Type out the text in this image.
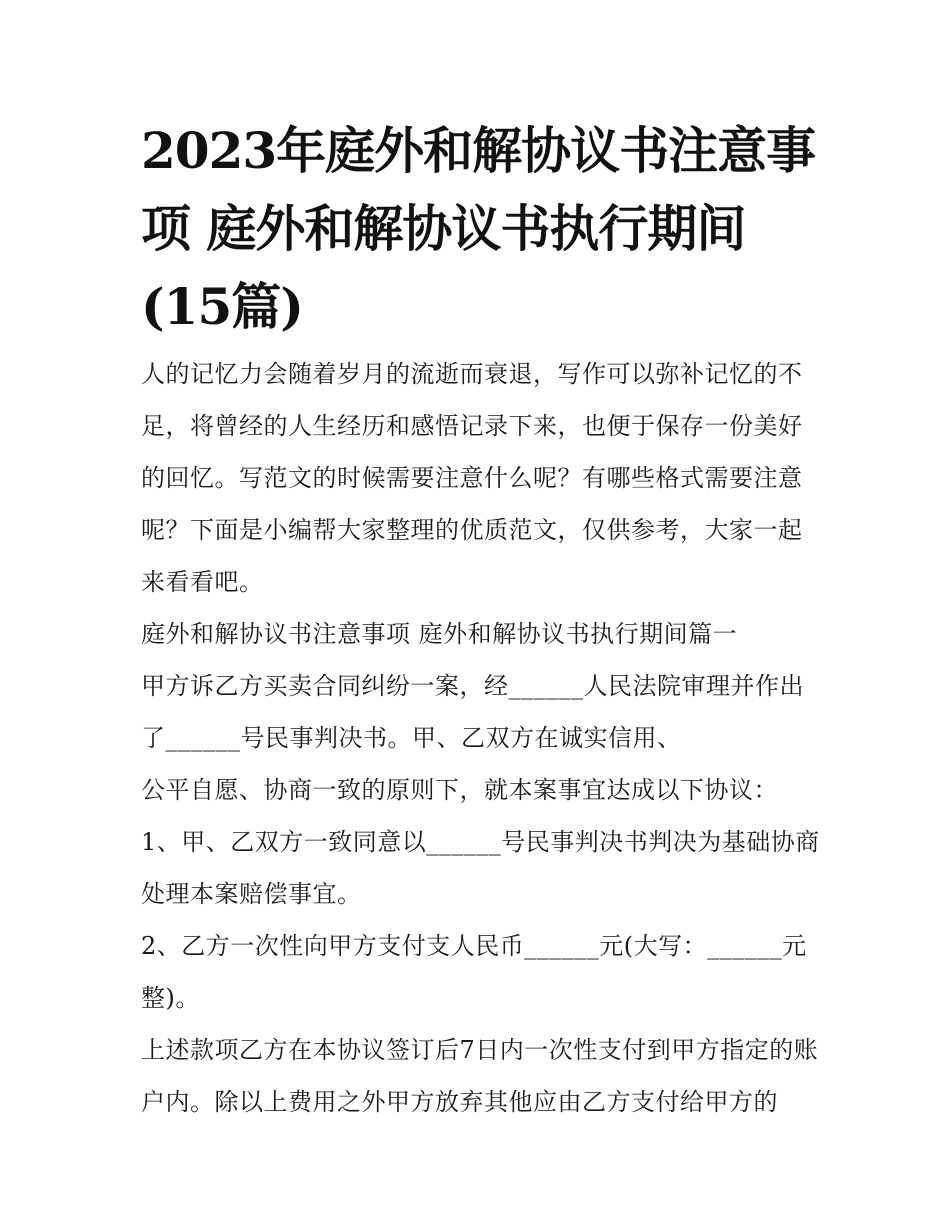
2023年庭外和解协议书注意事
项 庭外和解协议书执行期间
(15篇)

人的记忆力会随着岁月的流逝而衰退，写作可以弥补记忆的不足，将曾经的人生经历和感悟记录下来，也便于保存一份美好的回忆。写范文的时候需要注意什么呢？有哪些格式需要注意呢？下面是小编帮大家整理的优质范文，仅供参考，大家一起来看看吧。

庭外和解协议书注意事项 庭外和解协议书执行期间篇一

甲方诉乙方买卖合同纠纷一案，经______人民法院审理并作出

了______号民事判决书。甲、乙双方在诚实信用、

公平自愿、协商一致的原则下，就本案事宜达成以下协议：

1、甲、乙双方一致同意以______号民事判决书判决为基础协商处理本案赔偿事宜。

2、乙方一次性向甲方支付支人民币______元(大写：______元整)。

上述款项乙方在本协议签订后7日内一次性支付到甲方指定的账户内。除以上费用之外甲方放弃其他应由乙方支付给甲方的
